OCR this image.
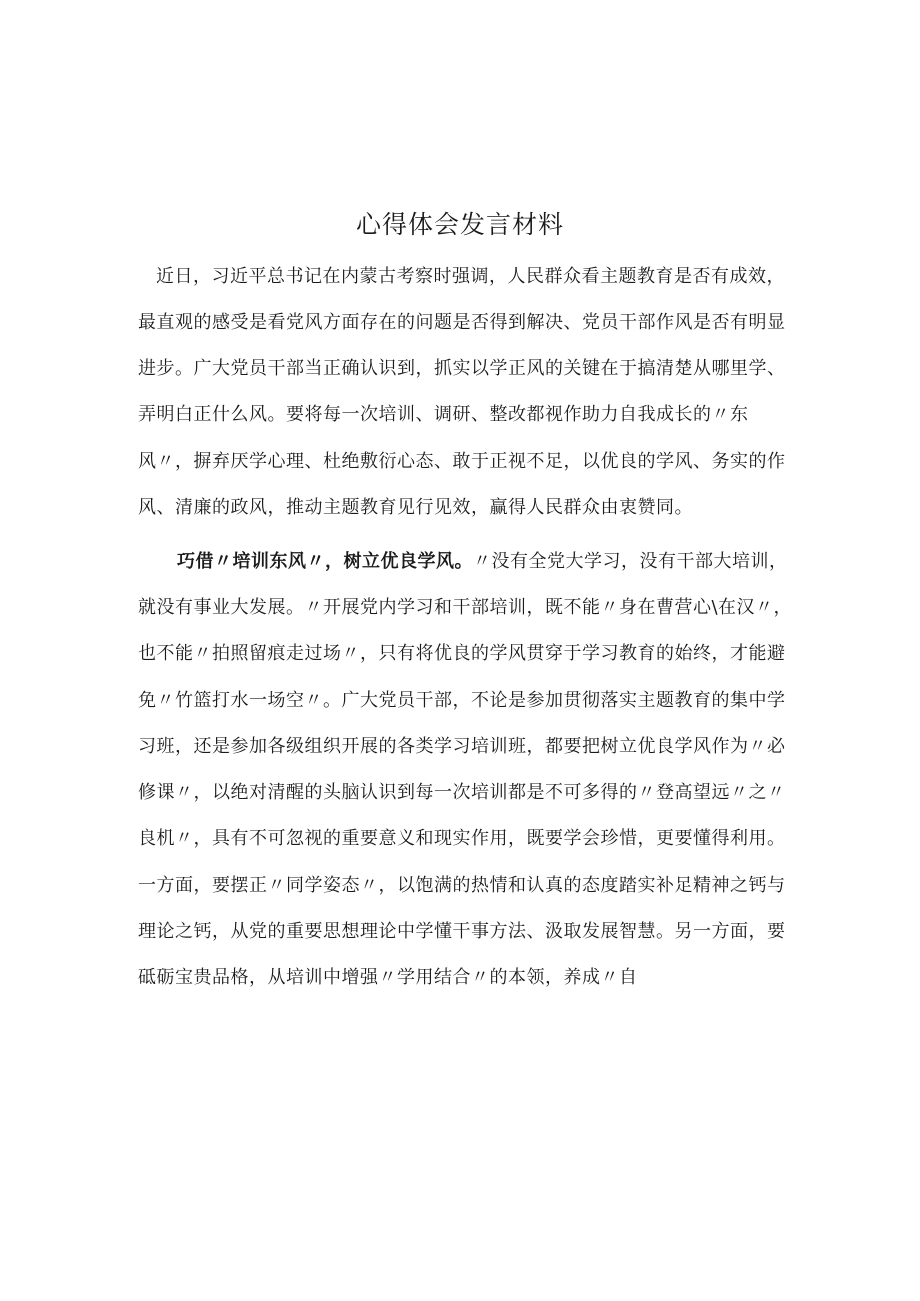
心得体会发言材料

近日，习近平总书记在内蒙古考察时强调，人民群众看主题教育是否有成效，

最直观的感受是看党风方面存在的问题是否得到解决、党员干部作风是否有明显

进步。广大党员干部当正确认识到，抓实以学正风的关键在于搞清楚从哪里学、

弄明白正什么风。要将每一次培训、调研、整改都视作助力自我成长的〃东

风〃，摒弃厌学心理、杜绝敷衍心态、敢于正视不足，以优良的学风、务实的作

风、清廉的政风，推动主题教育见行见效，赢得人民群众由衷赞同。

巧借〃培训东风〃，树立优良学风。〃没有全党大学习，没有干部大培训，

就没有事业大发展。〃开展党内学习和干部培训，既不能〃身在曹营心\在汉〃，

也不能〃拍照留痕走过场〃，只有将优良的学风贯穿于学习教育的始终，才能避

免〃竹篮打水一场空〃。广大党员干部，不论是参加贯彻落实主题教育的集中学

习班，还是参加各级组织开展的各类学习培训班，都要把树立优良学风作为〃必

修课〃，以绝对清醒的头脑认识到每一次培训都是不可多得的〃登高望远〃之〃

良机〃，具有不可忽视的重要意义和现实作用，既要学会珍惜，更要懂得利用。

一方面，要摆正〃同学姿态〃，以饱满的热情和认真的态度踏实补足精神之钙与

理论之钙，从党的重要思想理论中学懂干事方法、汲取发展智慧。另一方面，要

砥砺宝贵品格，从培训中增强〃学用结合〃的本领，养成〃自
